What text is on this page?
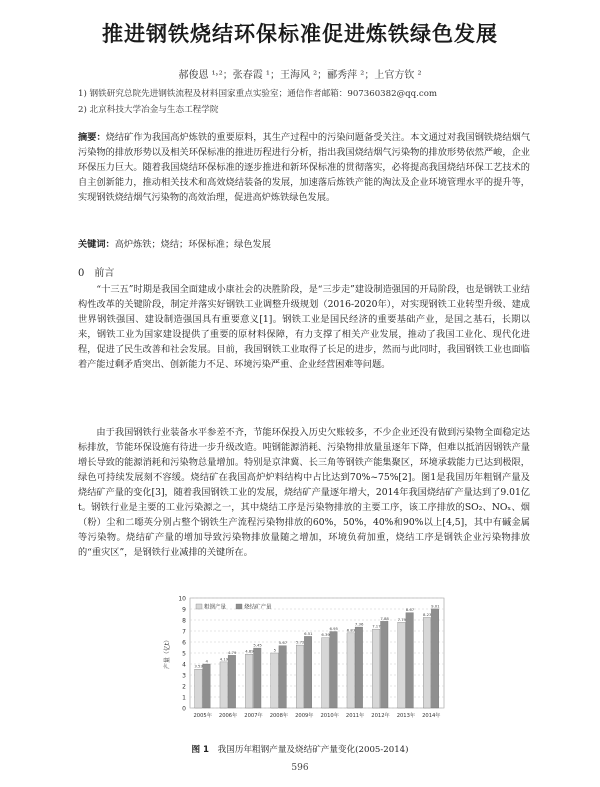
推进钢铁烧结环保标准促进炼铁绿色发展
郝俊恩 ¹˒²；张春霞 ¹；王海风 ²；郦秀萍 ²；上官方钦 ²
1) 钢铁研究总院先进钢铁流程及材料国家重点实验室；通信作者邮箱：907360382@qq.com
2) 北京科技大学冶金与生态工程学院
摘要：烧结矿作为我国高炉炼铁的重要原料，其生产过程中的污染问题备受关注。本文通过对我国钢铁烧结烟气污染物的排放形势以及相关环保标准的推进历程进行分析，指出我国烧结烟气污染物的排放形势依然严峻，企业环保压力巨大。随着我国烧结环保标准的逐步推进和新环保标准的贯彻落实，必将提高我国烧结环保工艺技术的自主创新能力，推动相关技术和高效烧结装备的发展，加速落后炼铁产能的淘汰及企业环境管理水平的提升等，实现钢铁烧结烟气污染物的高效治理，促进高炉炼铁绿色发展。
关键词：高炉炼铁；烧结；环保标准；绿色发展
0　前言
“十三五”时期是我国全面建成小康社会的决胜阶段，是“三步走”建设制造强国的开局阶段，也是钢铁工业结构性改革的关键阶段，制定并落实好钢铁工业调整升级规划（2016-2020年），对实现钢铁工业转型升级、建成世界钢铁强国、建设制造强国具有重要意义[1]。钢铁工业是国民经济的重要基础产业，是国之基石，长期以来，钢铁工业为国家建设提供了重要的原材料保障，有力支撑了相关产业发展，推动了我国工业化、现代化进程，促进了民生改善和社会发展。目前，我国钢铁工业取得了长足的进步，然而与此同时，我国钢铁工业也面临着产能过剩矛盾突出、创新能力不足、环境污染严重、企业经营困难等问题。
由于我国钢铁行业装备水平参差不齐，节能环保投入历史欠账较多，不少企业还没有做到污染物全面稳定达标排放，节能环保设施有待进一步升级改造。吨钢能源消耗、污染物排放量虽逐年下降，但难以抵消因钢铁产量增长导致的能源消耗和污染物总量增加。特别是京津冀、长三角等钢铁产能集聚区，环境承载能力已达到极限，绿色可持续发展刻不容缓。烧结矿在我国高炉炉料结构中占比达到70%~75%[2]。图1是我国历年粗钢产量及烧结矿产量的变化[3]，随着我国钢铁工业的发展，烧结矿产量逐年增大，2014年我国烧结矿产量达到了9.01亿t。钢铁行业是主要的工业污染源之一，其中烧结工序是污染物排放的主要工序，该工序排放的SO₂、NOₓ、烟（粉）尘和二噁英分别占整个钢铁生产流程污染物排放的60%，50%，40%和90%以上[4,5]，其中有碱金属等污染物。烧结矿产量的增加导致污染物排放量随之增加，环境负荷加重，烧结工序是钢铁企业污染物排放的“重灾区”，是钢铁行业减排的关键所在。
0
1
2
3
4
5
6
7
8
9
10
产量（亿t）	3.53
4
2005年
4.19
4.79
2006年
4.89
5.45
2007年
5
5.67
2008年
5.72
6.51
2009年
6.39
6.95
2010年
6.83
7.36
2011年
7.17
7.88
2012年
7.79
8.67
2013年
8.23
9.01
2014年
粗钢产量	烧结矿产量
图 1　 我国历年粗钢产量及烧结矿产量变化(2005-2014)
596
